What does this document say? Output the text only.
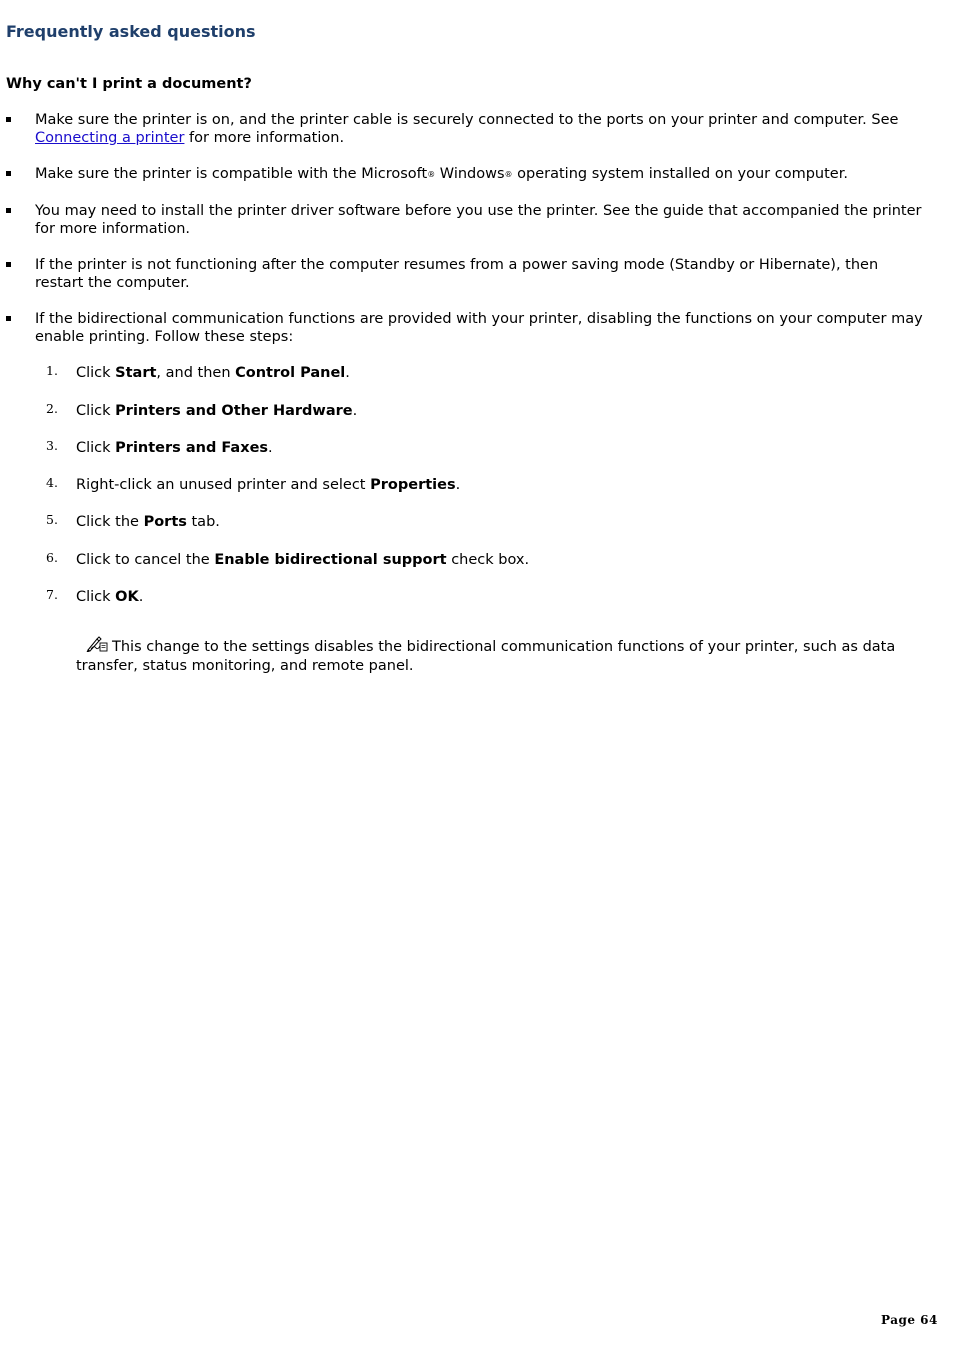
Frequently asked questions
Why can't I print a document?
Make sure the printer is on, and the printer cable is securely connected to the ports on your printer and computer. See Connecting a printer for more information.
Make sure the printer is compatible with the Microsoft® Windows® operating system installed on your computer.
You may need to install the printer driver software before you use the printer. See the guide that accompanied the printer for more information.
If the printer is not functioning after the computer resumes from a power saving mode (Standby or Hibernate), then restart the computer.
If the bidirectional communication functions are provided with your printer, disabling the functions on your computer may enable printing. Follow these steps:
1. Click Start, and then Control Panel.
2. Click Printers and Other Hardware.
3. Click Printers and Faxes.
4. Right-click an unused printer and select Properties.
5. Click the Ports tab.
6. Click to cancel the Enable bidirectional support check box.
7. Click OK.
This change to the settings disables the bidirectional communication functions of your printer, such as data transfer, status monitoring, and remote panel.
Page 64
